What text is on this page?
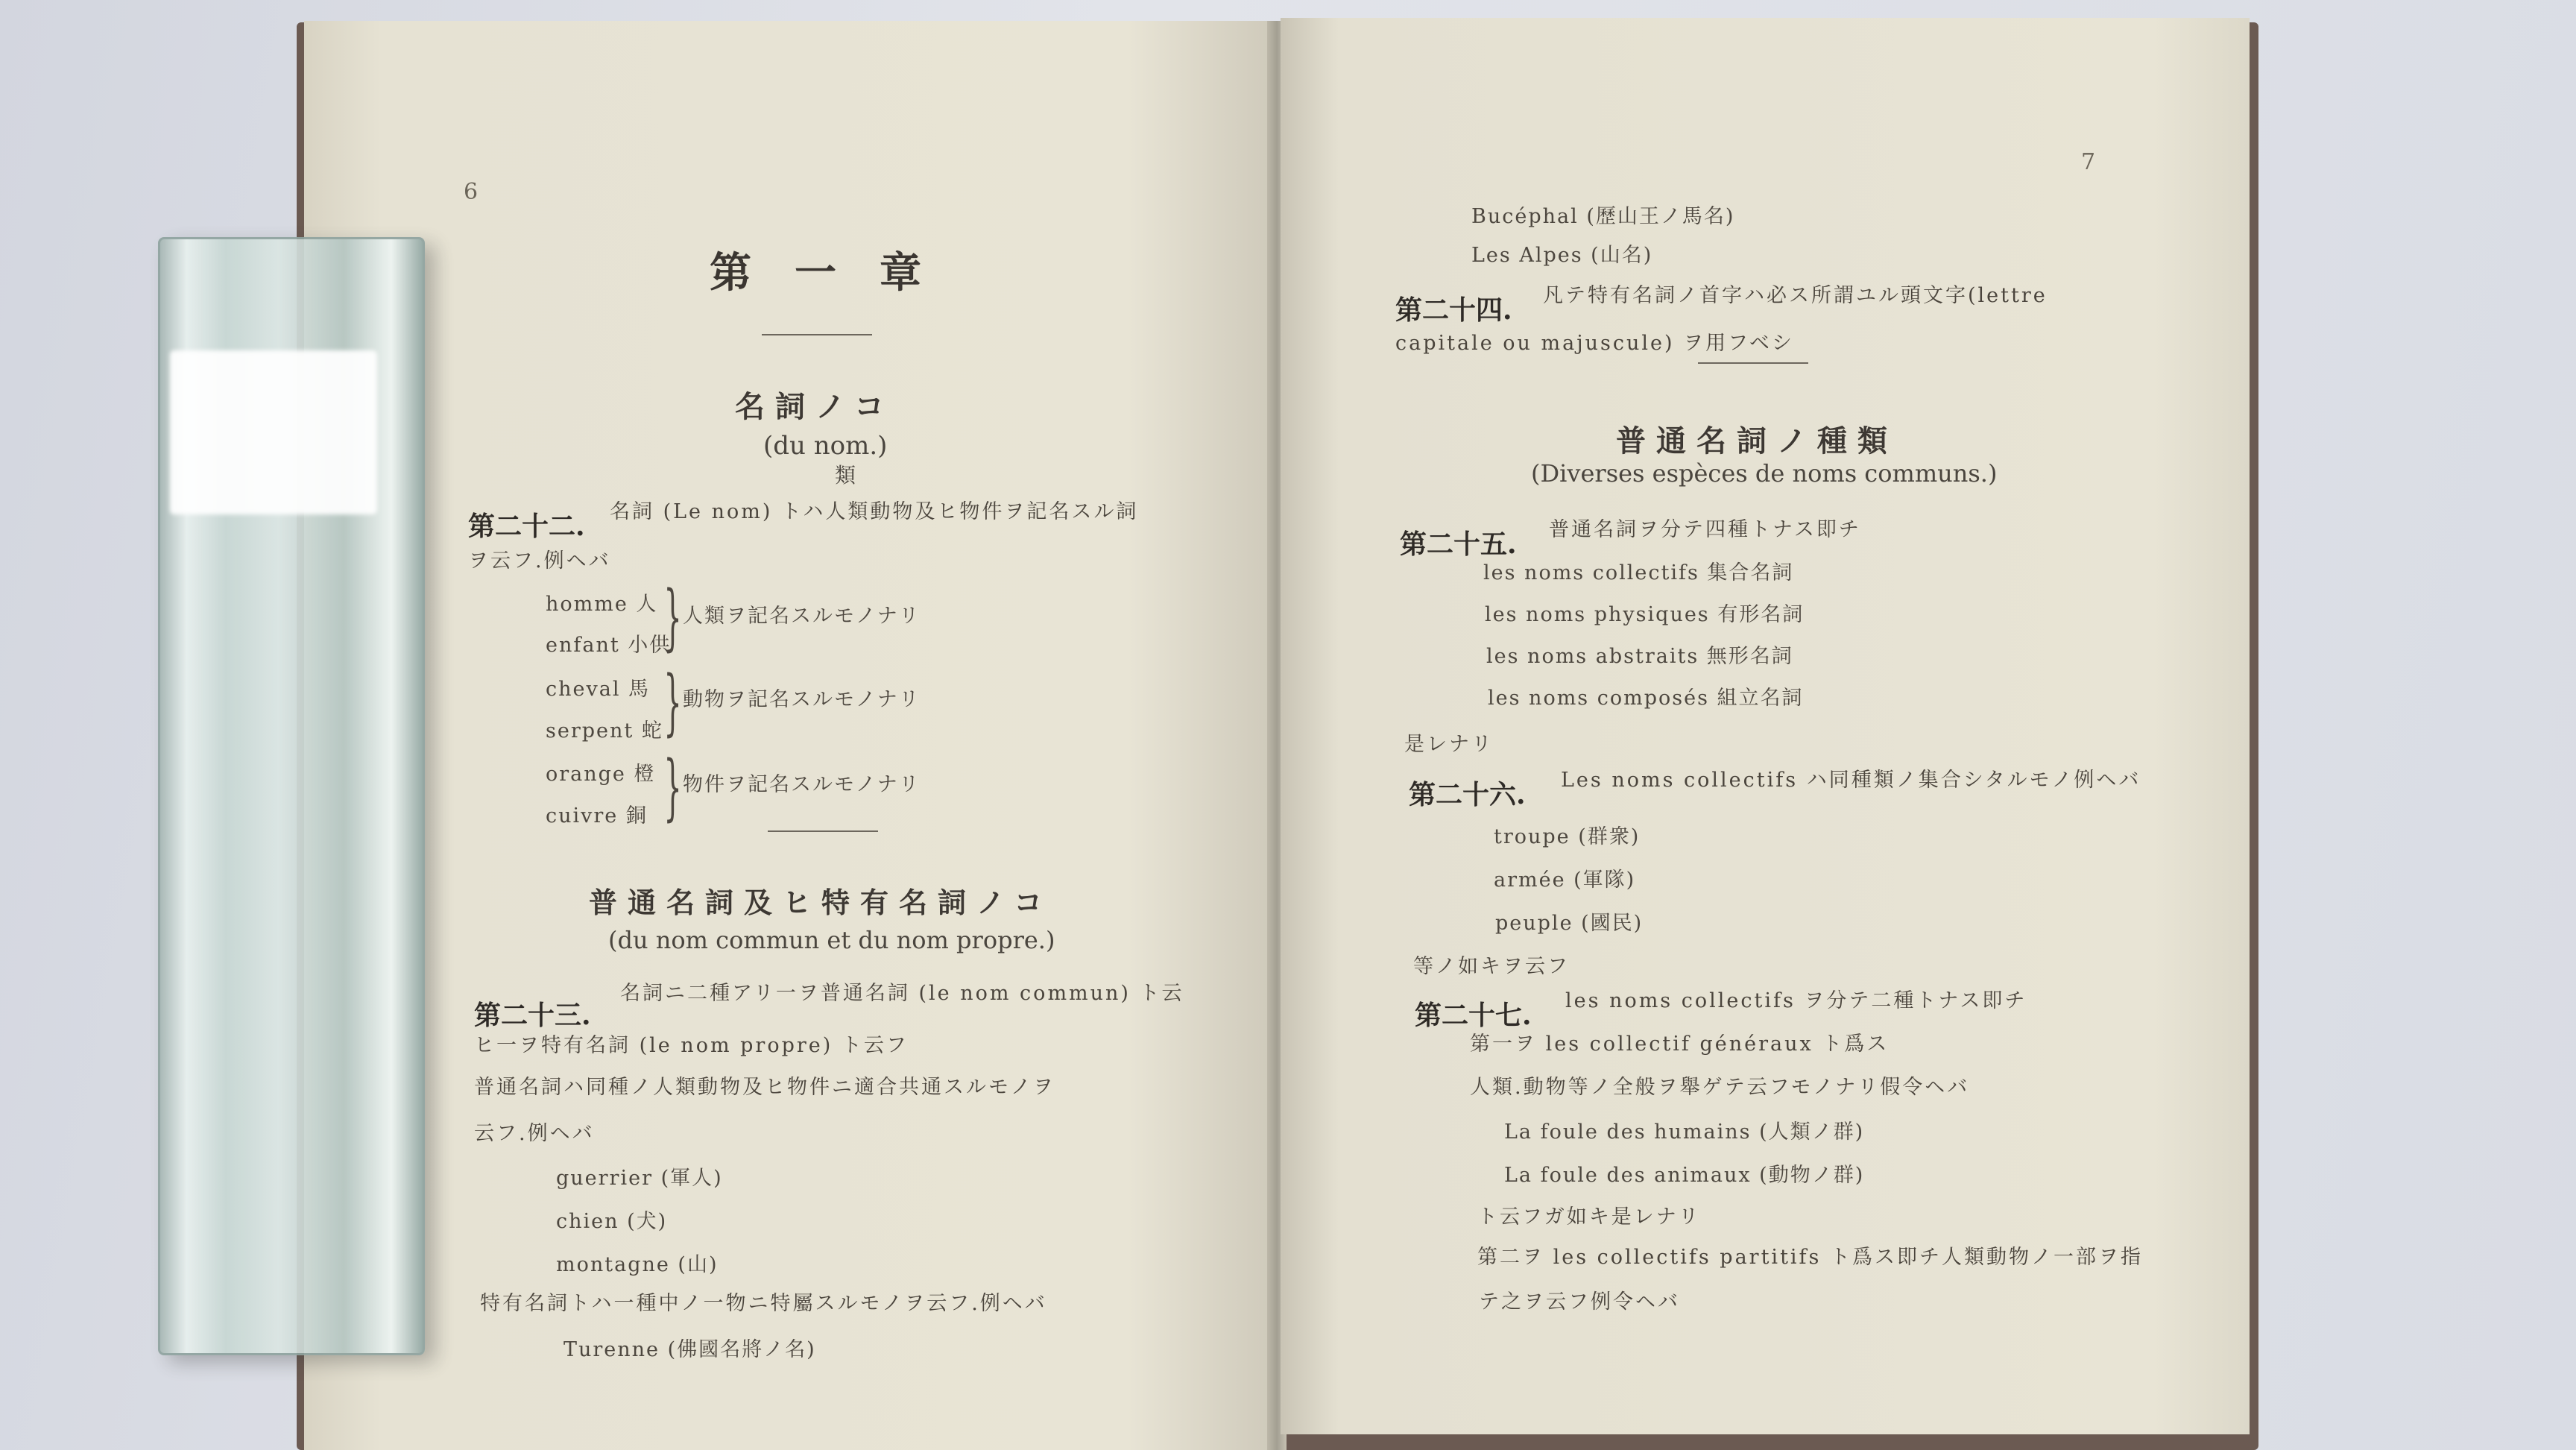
6
第一章
名詞ノコ
(du nom.)
類
第二十二. 名詞 (Le nom) トハ人類動物及ヒ物件ヲ記名スル詞
ヲ云フ.例ヘバ
homme 人
enfant 小供
} 人類ヲ記名スルモノナリ
cheval 馬
serpent 蛇 } 動物ヲ記名スルモノナリ
orange 橙
cuivre 銅 } 物件ヲ記名スルモノナリ
普通名詞及ヒ特有名詞ノコ
(du nom commun et du nom propre.)
第二十三.
名詞ニ二種アリ一ヲ普通名詞 (le nom commun) ト云
ヒ一ヲ特有名詞 (le nom propre) ト云フ
普通名詞ハ同種ノ人類動物及ヒ物件ニ適合共通スルモノヲ
云フ.例ヘバ
guerrier (軍人)
chien (犬)
montagne (山)
特有名詞トハ一種中ノ一物ニ特屬スルモノヲ云フ.例ヘバ
Turenne (佛國名將ノ名)
7
Bucéphal (歷山王ノ馬名)
Les Alpes (山名)
第二十四. 凡テ特有名詞ノ首字ハ必ス所謂ユル頭文字(lettre
capitale ou majuscule) ヲ用フベシ
普通名詞ノ種類
(Diverses espèces de noms communs.)
第二十五. 普通名詞ヲ分テ四種トナス即チ
les noms collectifs 集合名詞
les noms physiques 有形名詞
les noms abstraits 無形名詞
les noms composés 組立名詞
是レナリ
第二十六. Les noms collectifs ハ同種類ノ集合シタルモノ例ヘバ
troupe (群衆)
armée (軍隊)
peuple (國民)
等ノ如キヲ云フ
第二十七. les noms collectifs ヲ分テ二種トナス即チ
第一ヲ les collectif généraux ト爲ス
人類.動物等ノ全般ヲ舉ゲテ云フモノナリ假令ヘバ
La foule des humains (人類ノ群)
La foule des animaux (動物ノ群)
ト云フガ如キ是レナリ
第二ヲ les collectifs partitifs ト爲ス即チ人類動物ノ一部ヲ指
テ之ヲ云フ例令ヘバ
